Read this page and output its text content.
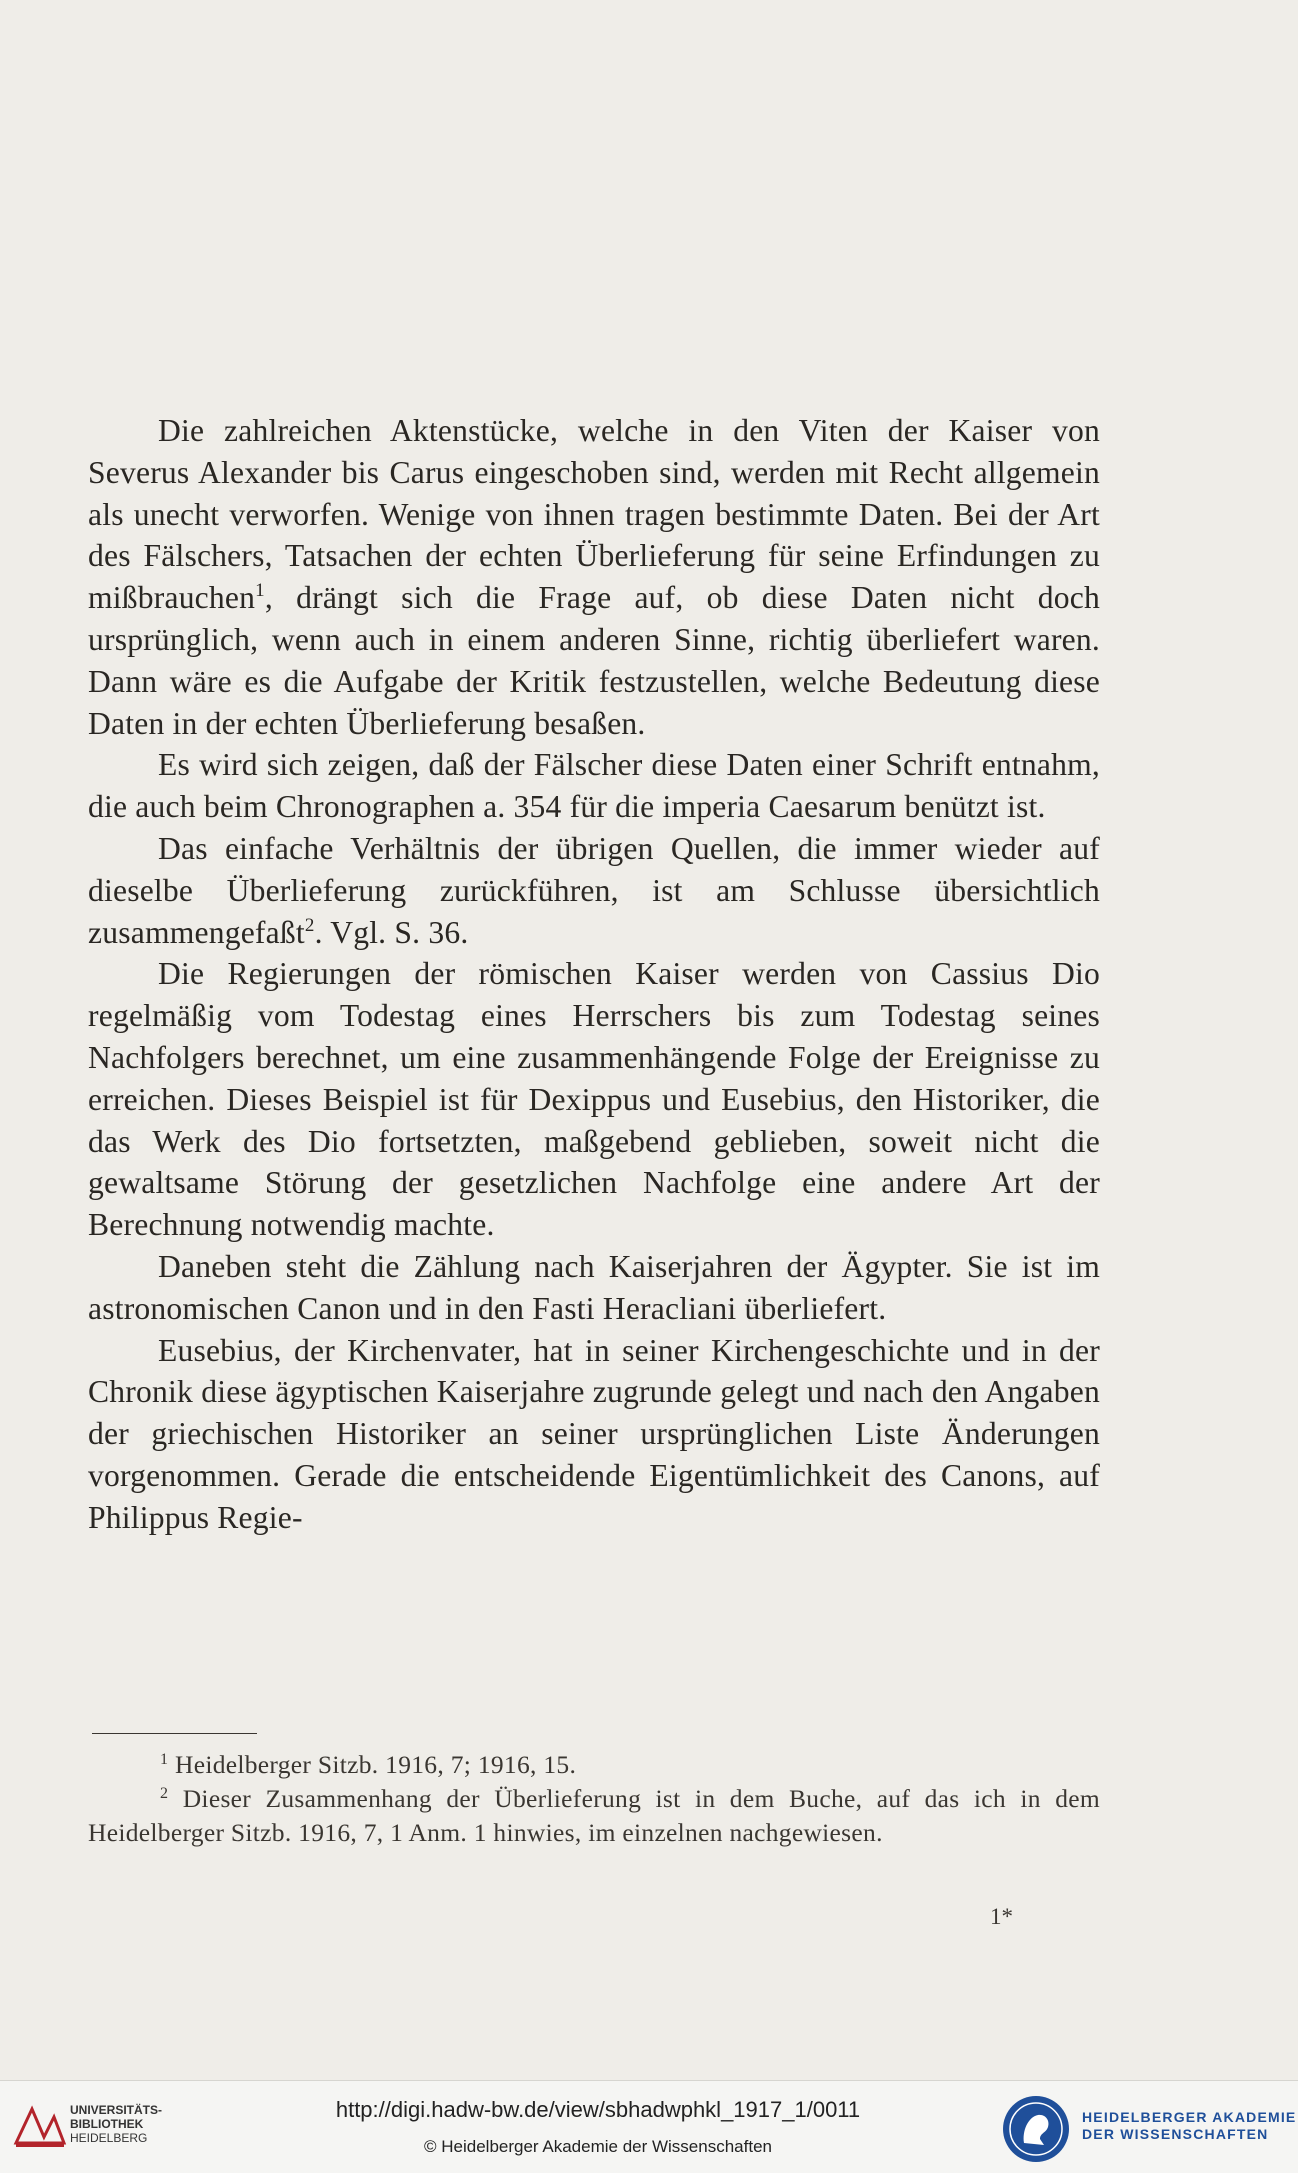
Die zahlreichen Aktenstücke, welche in den Viten der Kaiser von Severus Alexander bis Carus eingeschoben sind, werden mit Recht allgemein als unecht verworfen. Wenige von ihnen tragen bestimmte Daten. Bei der Art des Fälschers, Tatsachen der echten Überlieferung für seine Erfindungen zu mißbrauchen$^1$, drängt sich die Frage auf, ob diese Daten nicht doch ursprünglich, wenn auch in einem anderen Sinne, richtig überliefert waren. Dann wäre es die Aufgabe der Kritik festzustellen, welche Bedeutung diese Daten in der echten Überlieferung besaßen.

Es wird sich zeigen, daß der Fälscher diese Daten einer Schrift entnahm, die auch beim Chronographen a. 354 für die imperia Caesarum benützt ist.

Das einfache Verhältnis der übrigen Quellen, die immer wieder auf dieselbe Überlieferung zurückführen, ist am Schlusse übersichtlich zusammengefaßt$^2$. Vgl. S. 36.

Die Regierungen der römischen Kaiser werden von Cassius Dio regelmäßig vom Todestag eines Herrschers bis zum Todestag seines Nachfolgers berechnet, um eine zusammenhängende Folge der Ereignisse zu erreichen. Dieses Beispiel ist für Dexippus und Eusebius, den Historiker, die das Werk des Dio fortsetzten, maßgebend geblieben, soweit nicht die gewaltsame Störung der gesetzlichen Nachfolge eine andere Art der Berechnung notwendig machte.

Daneben steht die Zählung nach Kaiserjahren der Ägypter. Sie ist im astronomischen Canon und in den Fasti Heracliani überliefert.

Eusebius, der Kirchenvater, hat in seiner Kirchengeschichte und in der Chronik diese ägyptischen Kaiserjahre zugrunde gelegt und nach den Angaben der griechischen Historiker an seiner ursprünglichen Liste Änderungen vorgenommen. Gerade die entscheidende Eigentümlichkeit des Canons, auf Philippus Regie-

$^1$ Heidelberger Sitzb. 1916, 7; 1916, 15.

$^2$ Dieser Zusammenhang der Überlieferung ist in dem Buche, auf das ich in dem Heidelberger Sitzb. 1916, 7, 1 Anm. 1 hinwies, im einzelnen nachgewiesen.

1*
UNIVERSITÄTS-
BIBLIOTHEK
HEIDELBERG
http://digi.hadw-bw.de/view/sbhadwphkl_1917_1/0011
© Heidelberger Akademie der Wissenschaften
HEIDELBERGER AKADEMIE
DER WISSENSCHAFTEN
